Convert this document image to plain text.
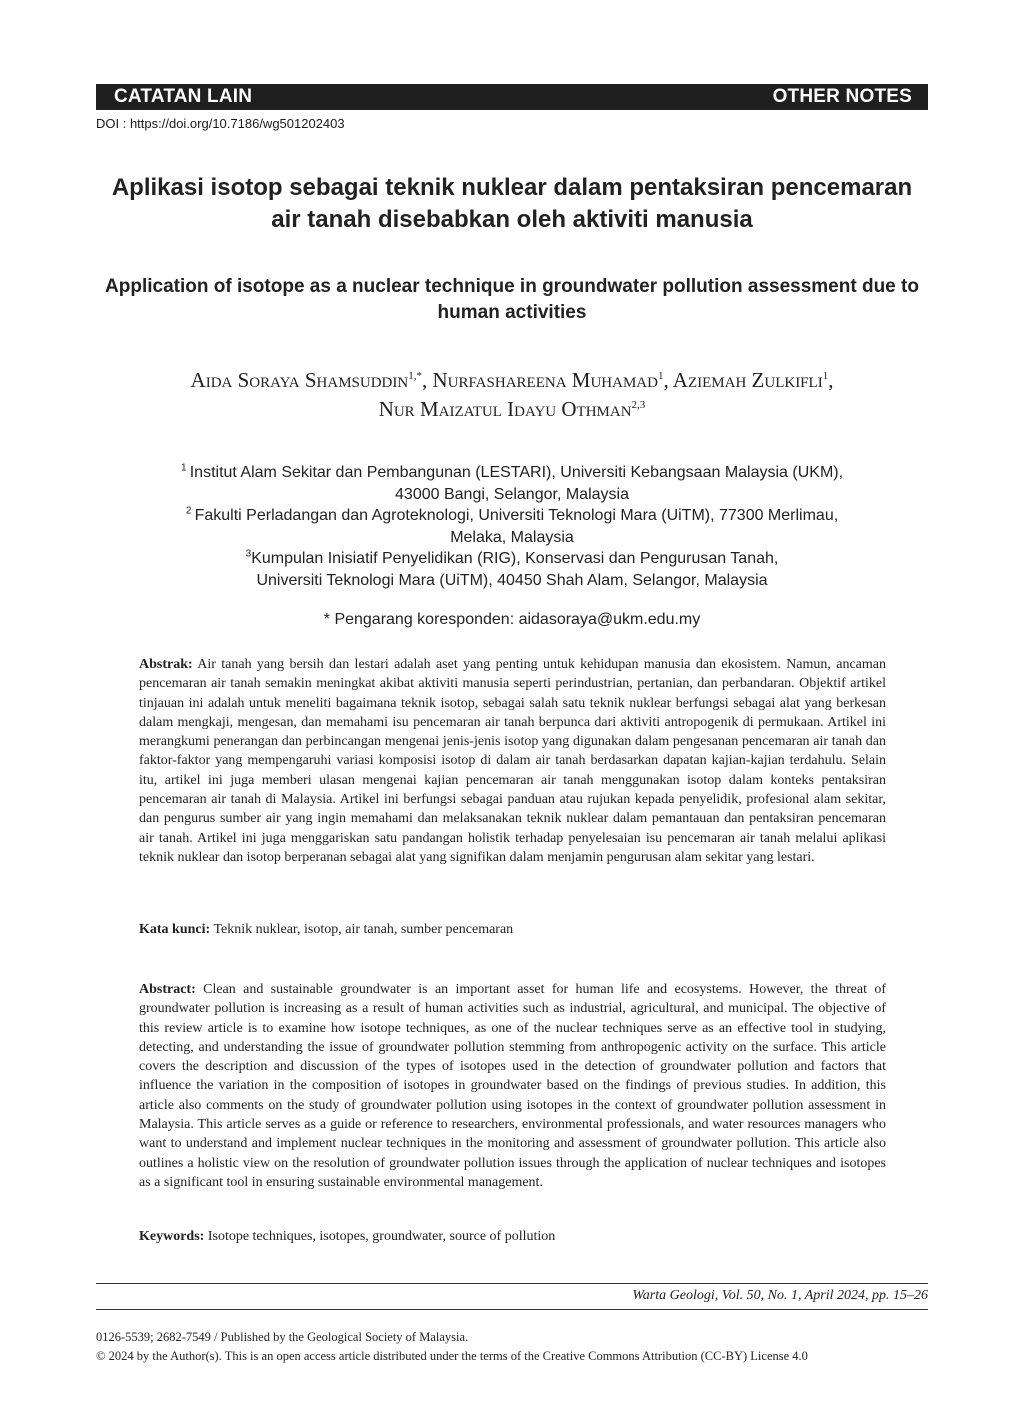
CATATAN LAIN	OTHER NOTES
DOI : https://doi.org/10.7186/wg501202403
Aplikasi isotop sebagai teknik nuklear dalam pentaksiran pencemaran air tanah disebabkan oleh aktiviti manusia
Application of isotope as a nuclear technique in groundwater pollution assessment due to human activities
Aida Soraya Shamsuddin$^{1,*}$, Nurfashareena Muhamad$^1$, Aziemah Zulkifli$^1$,
Nur Maizatul Idayu Othman$^{2,3}$
$^1$  Institut Alam Sekitar dan Pembangunan (LESTARI), Universiti Kebangsaan Malaysia (UKM),
43000 Bangi, Selangor, Malaysia
$^2$  Fakulti Perladangan dan Agroteknologi, Universiti Teknologi Mara (UiTM), 77300 Merlimau,
Melaka, Malaysia
$^3$Kumpulan Inisiatif Penyelidikan (RIG), Konservasi dan Pengurusan Tanah,
Universiti Teknologi Mara (UiTM), 40450 Shah Alam, Selangor, Malaysia
* Pengarang koresponden: aidasoraya@ukm.edu.my
Abstrak: Air tanah yang bersih dan lestari adalah aset yang penting untuk kehidupan manusia dan ekosistem. Namun, ancaman pencemaran air tanah semakin meningkat akibat aktiviti manusia seperti perindustrian, pertanian, dan perbandaran. Objektif artikel tinjauan ini adalah untuk meneliti bagaimana teknik isotop, sebagai salah satu teknik nuklear berfungsi sebagai alat yang berkesan dalam mengkaji, mengesan, dan memahami isu pencemaran air tanah berpunca dari aktiviti antropogenik di permukaan. Artikel ini merangkumi penerangan dan perbincangan mengenai jenis-jenis isotop yang digunakan dalam pengesanan pencemaran air tanah dan faktor-faktor yang mempengaruhi variasi komposisi isotop di dalam air tanah berdasarkan dapatan kajian-kajian terdahulu. Selain itu, artikel ini juga memberi ulasan mengenai kajian pencemaran air tanah menggunakan isotop dalam konteks pentaksiran pencemaran air tanah di Malaysia. Artikel ini berfungsi sebagai panduan atau rujukan kepada penyelidik, profesional alam sekitar, dan pengurus sumber air yang ingin memahami dan melaksanakan teknik nuklear dalam pemantauan dan pentaksiran pencemaran air tanah. Artikel ini juga menggariskan satu pandangan holistik terhadap penyelesaian isu pencemaran air tanah melalui aplikasi teknik nuklear dan isotop berperanan sebagai alat yang signifikan dalam menjamin pengurusan alam sekitar yang lestari.
Kata kunci: Teknik nuklear, isotop, air tanah, sumber pencemaran
Abstract: Clean and sustainable groundwater is an important asset for human life and ecosystems. However, the threat of groundwater pollution is increasing as a result of human activities such as industrial, agricultural, and municipal. The objective of this review article is to examine how isotope techniques, as one of the nuclear techniques serve as an effective tool in studying, detecting, and understanding the issue of groundwater pollution stemming from anthropogenic activity on the surface. This article covers the description and discussion of the types of isotopes used in the detection of groundwater pollution and factors that influence the variation in the composition of isotopes in groundwater based on the findings of previous studies. In addition, this article also comments on the study of groundwater pollution using isotopes in the context of groundwater pollution assessment in Malaysia. This article serves as a guide or reference to researchers, environmental professionals, and water resources managers who want to understand and implement nuclear techniques in the monitoring and assessment of groundwater pollution. This article also outlines a holistic view on the resolution of groundwater pollution issues through the application of nuclear techniques and isotopes as a significant tool in ensuring sustainable environmental management.
Keywords: Isotope techniques, isotopes, groundwater, source of pollution
Warta Geologi, Vol. 50, No. 1, April 2024, pp. 15–26
0126-5539; 2682-7549 / Published by the Geological Society of Malaysia.
© 2024 by the Author(s). This is an open access article distributed under the terms of the Creative Commons Attribution (CC-BY) License 4.0
